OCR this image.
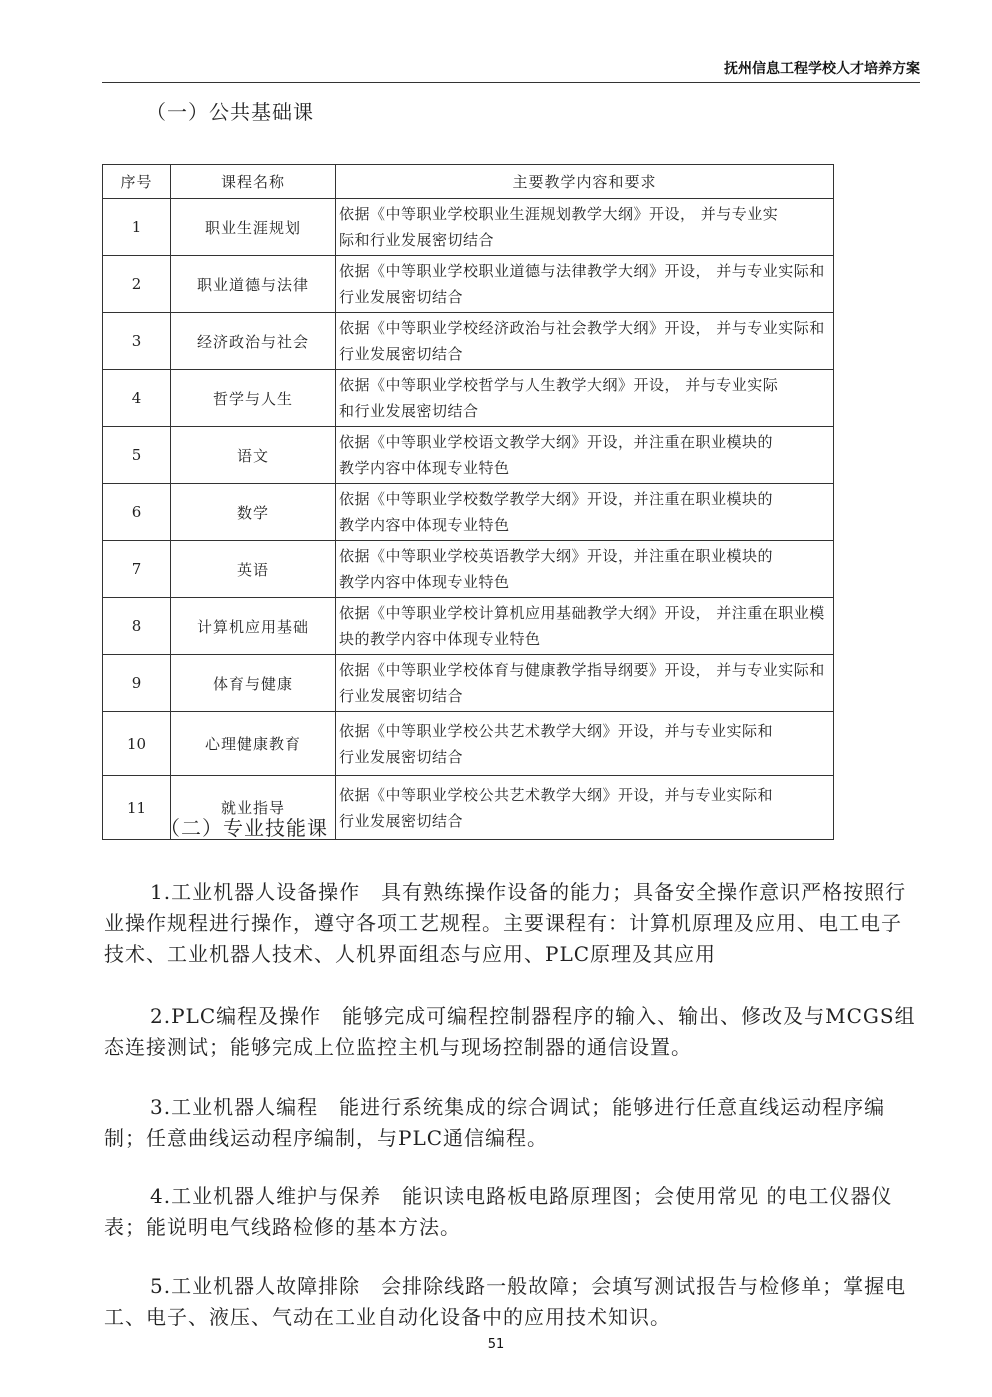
抚州信息工程学校人才培养方案
（一）公共基础课
序号	课程名称	主要教学内容和要求
1	职业生涯规划	依据《中等职业学校职业生涯规划教学大纲》开设， 并与专业实
际和行业发展密切结合

2	职业道德与法律	依据《中等职业学校职业道德与法律教学大纲》开设， 并与专业实际和
行业发展密切结合

3	经济政治与社会	依据《中等职业学校经济政治与社会教学大纲》开设， 并与专业实际和
行业发展密切结合

4	哲学与人生	依据《中等职业学校哲学与人生教学大纲》开设， 并与专业实际
和行业发展密切结合

5	语文	依据《中等职业学校语文教学大纲》开设，并注重在职业模块的
教学内容中体现专业特色

6	数学	依据《中等职业学校数学教学大纲》开设，并注重在职业模块的
教学内容中体现专业特色

7	英语	依据《中等职业学校英语教学大纲》开设，并注重在职业模块的
教学内容中体现专业特色

8	计算机应用基础	依据《中等职业学校计算机应用基础教学大纲》开设， 并注重在职业模
块的教学内容中体现专业特色

9	体育与健康	依据《中等职业学校体育与健康教学指导纲要》开设， 并与专业实际和
行业发展密切结合

10	心理健康教育	依据《中等职业学校公共艺术教学大纲》开设，并与专业实际和
行业发展密切结合

11	就业指导	依据《中等职业学校公共艺术教学大纲》开设，并与专业实际和
行业发展密切结合
（二）专业技能课

1.工业机器人设备操作　具有熟练操作设备的能力；具备安全操作意识严格按照行业操作规程进行操作，遵守各项工艺规程。主要课程有：计算机原理及应用、电工电子技术、工业机器人技术、人机界面组态与应用、PLC原理及其应用

2.PLC编程及操作　能够完成可编程控制器程序的输入、输出、修改及与MCGS组态连接测试；能够完成上位监控主机与现场控制器的通信设置。

3.工业机器人编程　能进行系统集成的综合调试；能够进行任意直线运动程序编制；任意曲线运动程序编制，与PLC通信编程。

4.工业机器人维护与保养　能识读电路板电路原理图；会使用常见 的电工仪器仪表；能说明电气线路检修的基本方法。

5.工业机器人故障排除　会排除线路一般故障；会填写测试报告与检修单；掌握电工、电子、液压、气动在工业自动化设备中的应用技术知识。

51
